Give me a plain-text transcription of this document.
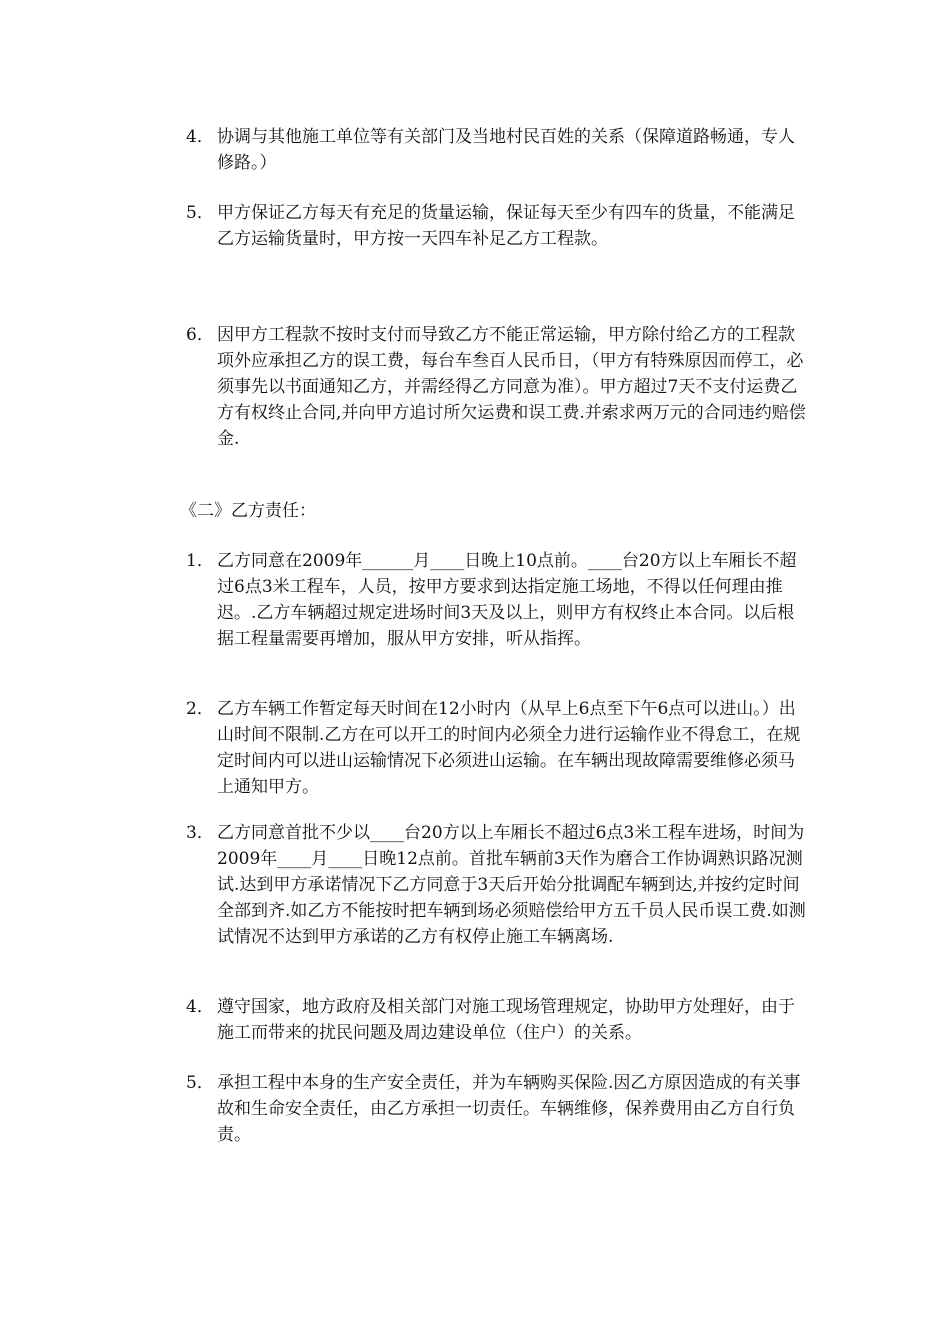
4． 协调与其他施工单位等有关部门及当地村民百姓的关系（保障道路畅通，专人修路。）
5． 甲方保证乙方每天有充足的货量运输，保证每天至少有四车的货量，不能满足乙方运输货量时，甲方按一天四车补足乙方工程款。
6． 因甲方工程款不按时支付而导致乙方不能正常运输，甲方除付给乙方的工程款项外应承担乙方的误工费，每台车叁百人民币日，（甲方有特殊原因而停工，必须事先以书面通知乙方，并需经得乙方同意为准）。甲方超过7天不支付运费乙方有权终止合同,并向甲方追讨所欠运费和误工费.并索求两万元的合同违约赔偿金.
《二》乙方责任：
1． 乙方同意在2009年______月____日晚上10点前。____台20方以上车厢长不超过6点3米工程车，人员，按甲方要求到达指定施工场地，不得以任何理由推迟。.乙方车辆超过规定进场时间3天及以上，则甲方有权终止本合同。以后根据工程量需要再增加，服从甲方安排，听从指挥。
2． 乙方车辆工作暂定每天时间在12小时内（从早上6点至下午6点可以进山。）出山时间不限制.乙方在可以开工的时间内必须全力进行运输作业不得怠工，在规定时间内可以进山运输情况下必须进山运输。在车辆出现故障需要维修必须马上通知甲方。
3． 乙方同意首批不少以____台20方以上车厢长不超过6点3米工程车进场，时间为2009年____月____日晚12点前。首批车辆前3天作为磨合工作协调熟识路况测试.达到甲方承诺情况下乙方同意于3天后开始分批调配车辆到达,并按约定时间全部到齐.如乙方不能按时把车辆到场必须赔偿给甲方五千员人民币误工费.如测试情况不达到甲方承诺的乙方有权停止施工车辆离场.
4． 遵守国家，地方政府及相关部门对施工现场管理规定，协助甲方处理好，由于施工而带来的扰民问题及周边建设单位（住户）的关系。
5． 承担工程中本身的生产安全责任，并为车辆购买保险.因乙方原因造成的有关事故和生命安全责任，由乙方承担一切责任。车辆维修，保养费用由乙方自行负责。
